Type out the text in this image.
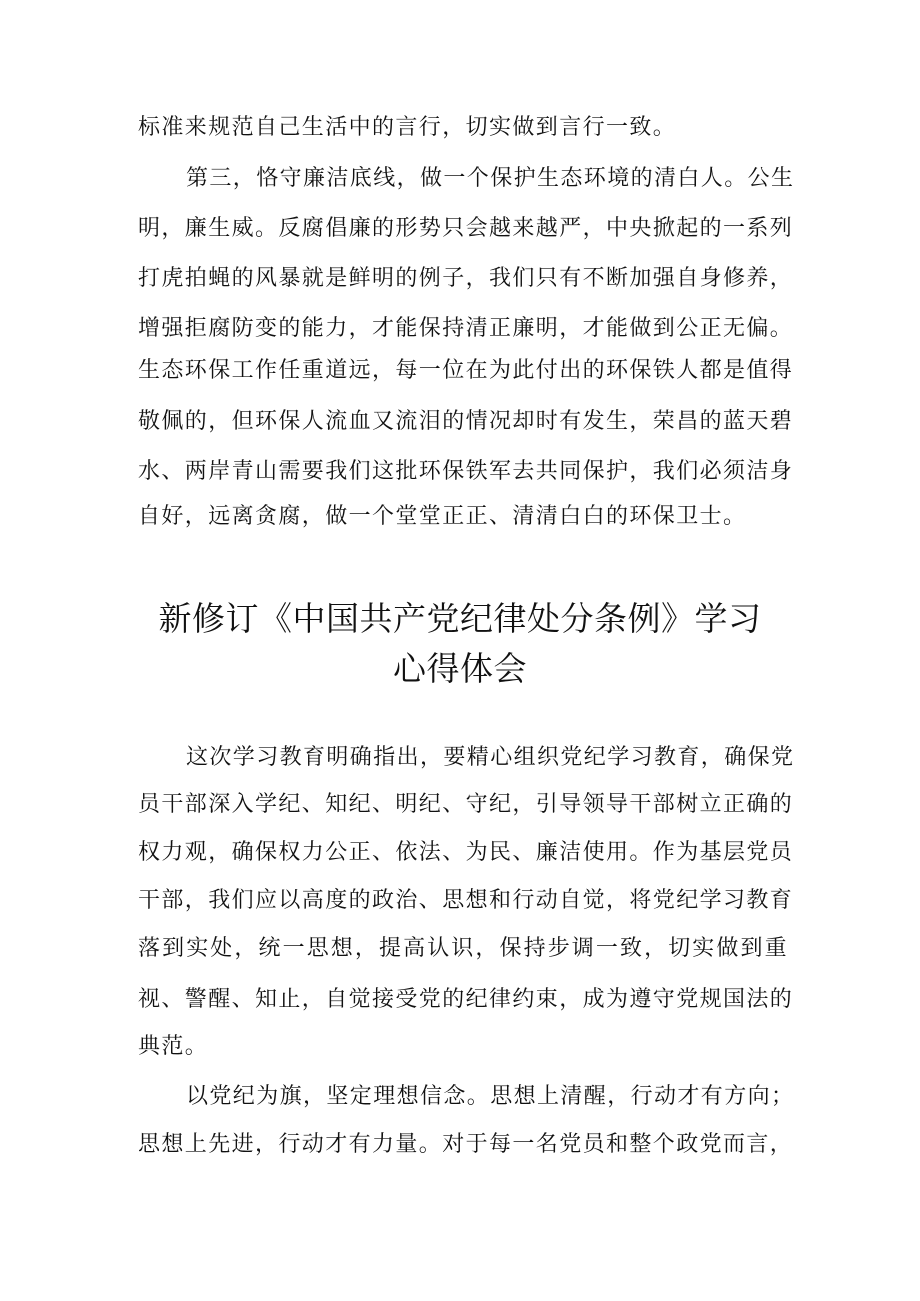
标准来规范自己生活中的言行，切实做到言行一致。
第三，恪守廉洁底线，做一个保护生态环境的清白人。公生
明，廉生威。反腐倡廉的形势只会越来越严，中央掀起的一系列
打虎拍蝇的风暴就是鲜明的例子，我们只有不断加强自身修养，
增强拒腐防变的能力，才能保持清正廉明，才能做到公正无偏。
生态环保工作任重道远，每一位在为此付出的环保铁人都是值得
敬佩的，但环保人流血又流泪的情况却时有发生，荣昌的蓝天碧
水、两岸青山需要我们这批环保铁军去共同保护，我们必须洁身
自好，远离贪腐，做一个堂堂正正、清清白白的环保卫士。
新修订《中国共产党纪律处分条例》学习
心得体会
这次学习教育明确指出，要精心组织党纪学习教育，确保党
员干部深入学纪、知纪、明纪、守纪，引导领导干部树立正确的
权力观，确保权力公正、依法、为民、廉洁使用。作为基层党员
干部，我们应以高度的政治、思想和行动自觉，将党纪学习教育
落到实处，统一思想，提高认识，保持步调一致，切实做到重
视、警醒、知止，自觉接受党的纪律约束，成为遵守党规国法的
典范。
以党纪为旗，坚定理想信念。思想上清醒，行动才有方向；
思想上先进，行动才有力量。对于每一名党员和整个政党而言，
